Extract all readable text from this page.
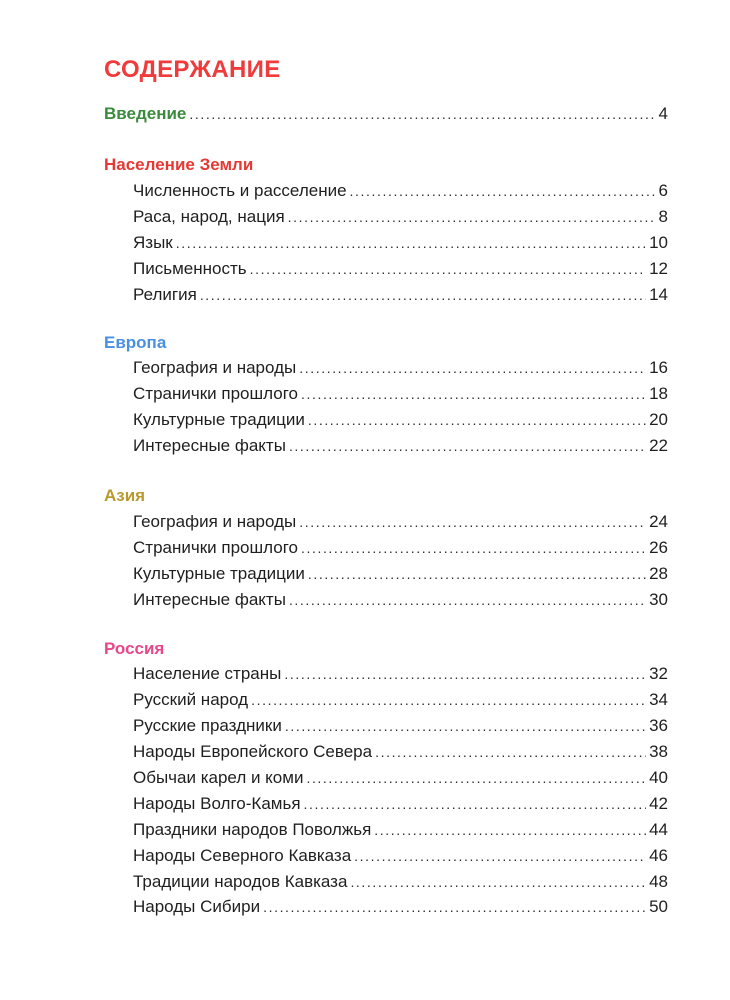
СОДЕРЖАНИЕ
Введение .....	4
Население Земли
Численность и расселение .....	6
Раса, народ, нация .....	8
Язык .....	10
Письменность .....	12
Религия .....	14
Европа
География и народы .....	16
Странички прошлого .....	18
Культурные традиции .....	20
Интересные факты .....	22
Азия
География и народы .....	24
Странички прошлого .....	26
Культурные традиции .....	28
Интересные факты .....	30
Россия
Население страны .....	32
Русский народ .....	34
Русские праздники .....	36
Народы Европейского Севера .....	38
Обычаи карел и коми .....	40
Народы Волго-Камья .....	42
Праздники народов Поволжья .....	44
Народы Северного Кавказа .....	46
Традиции народов Кавказа .....	48
Народы Сибири .....	50
